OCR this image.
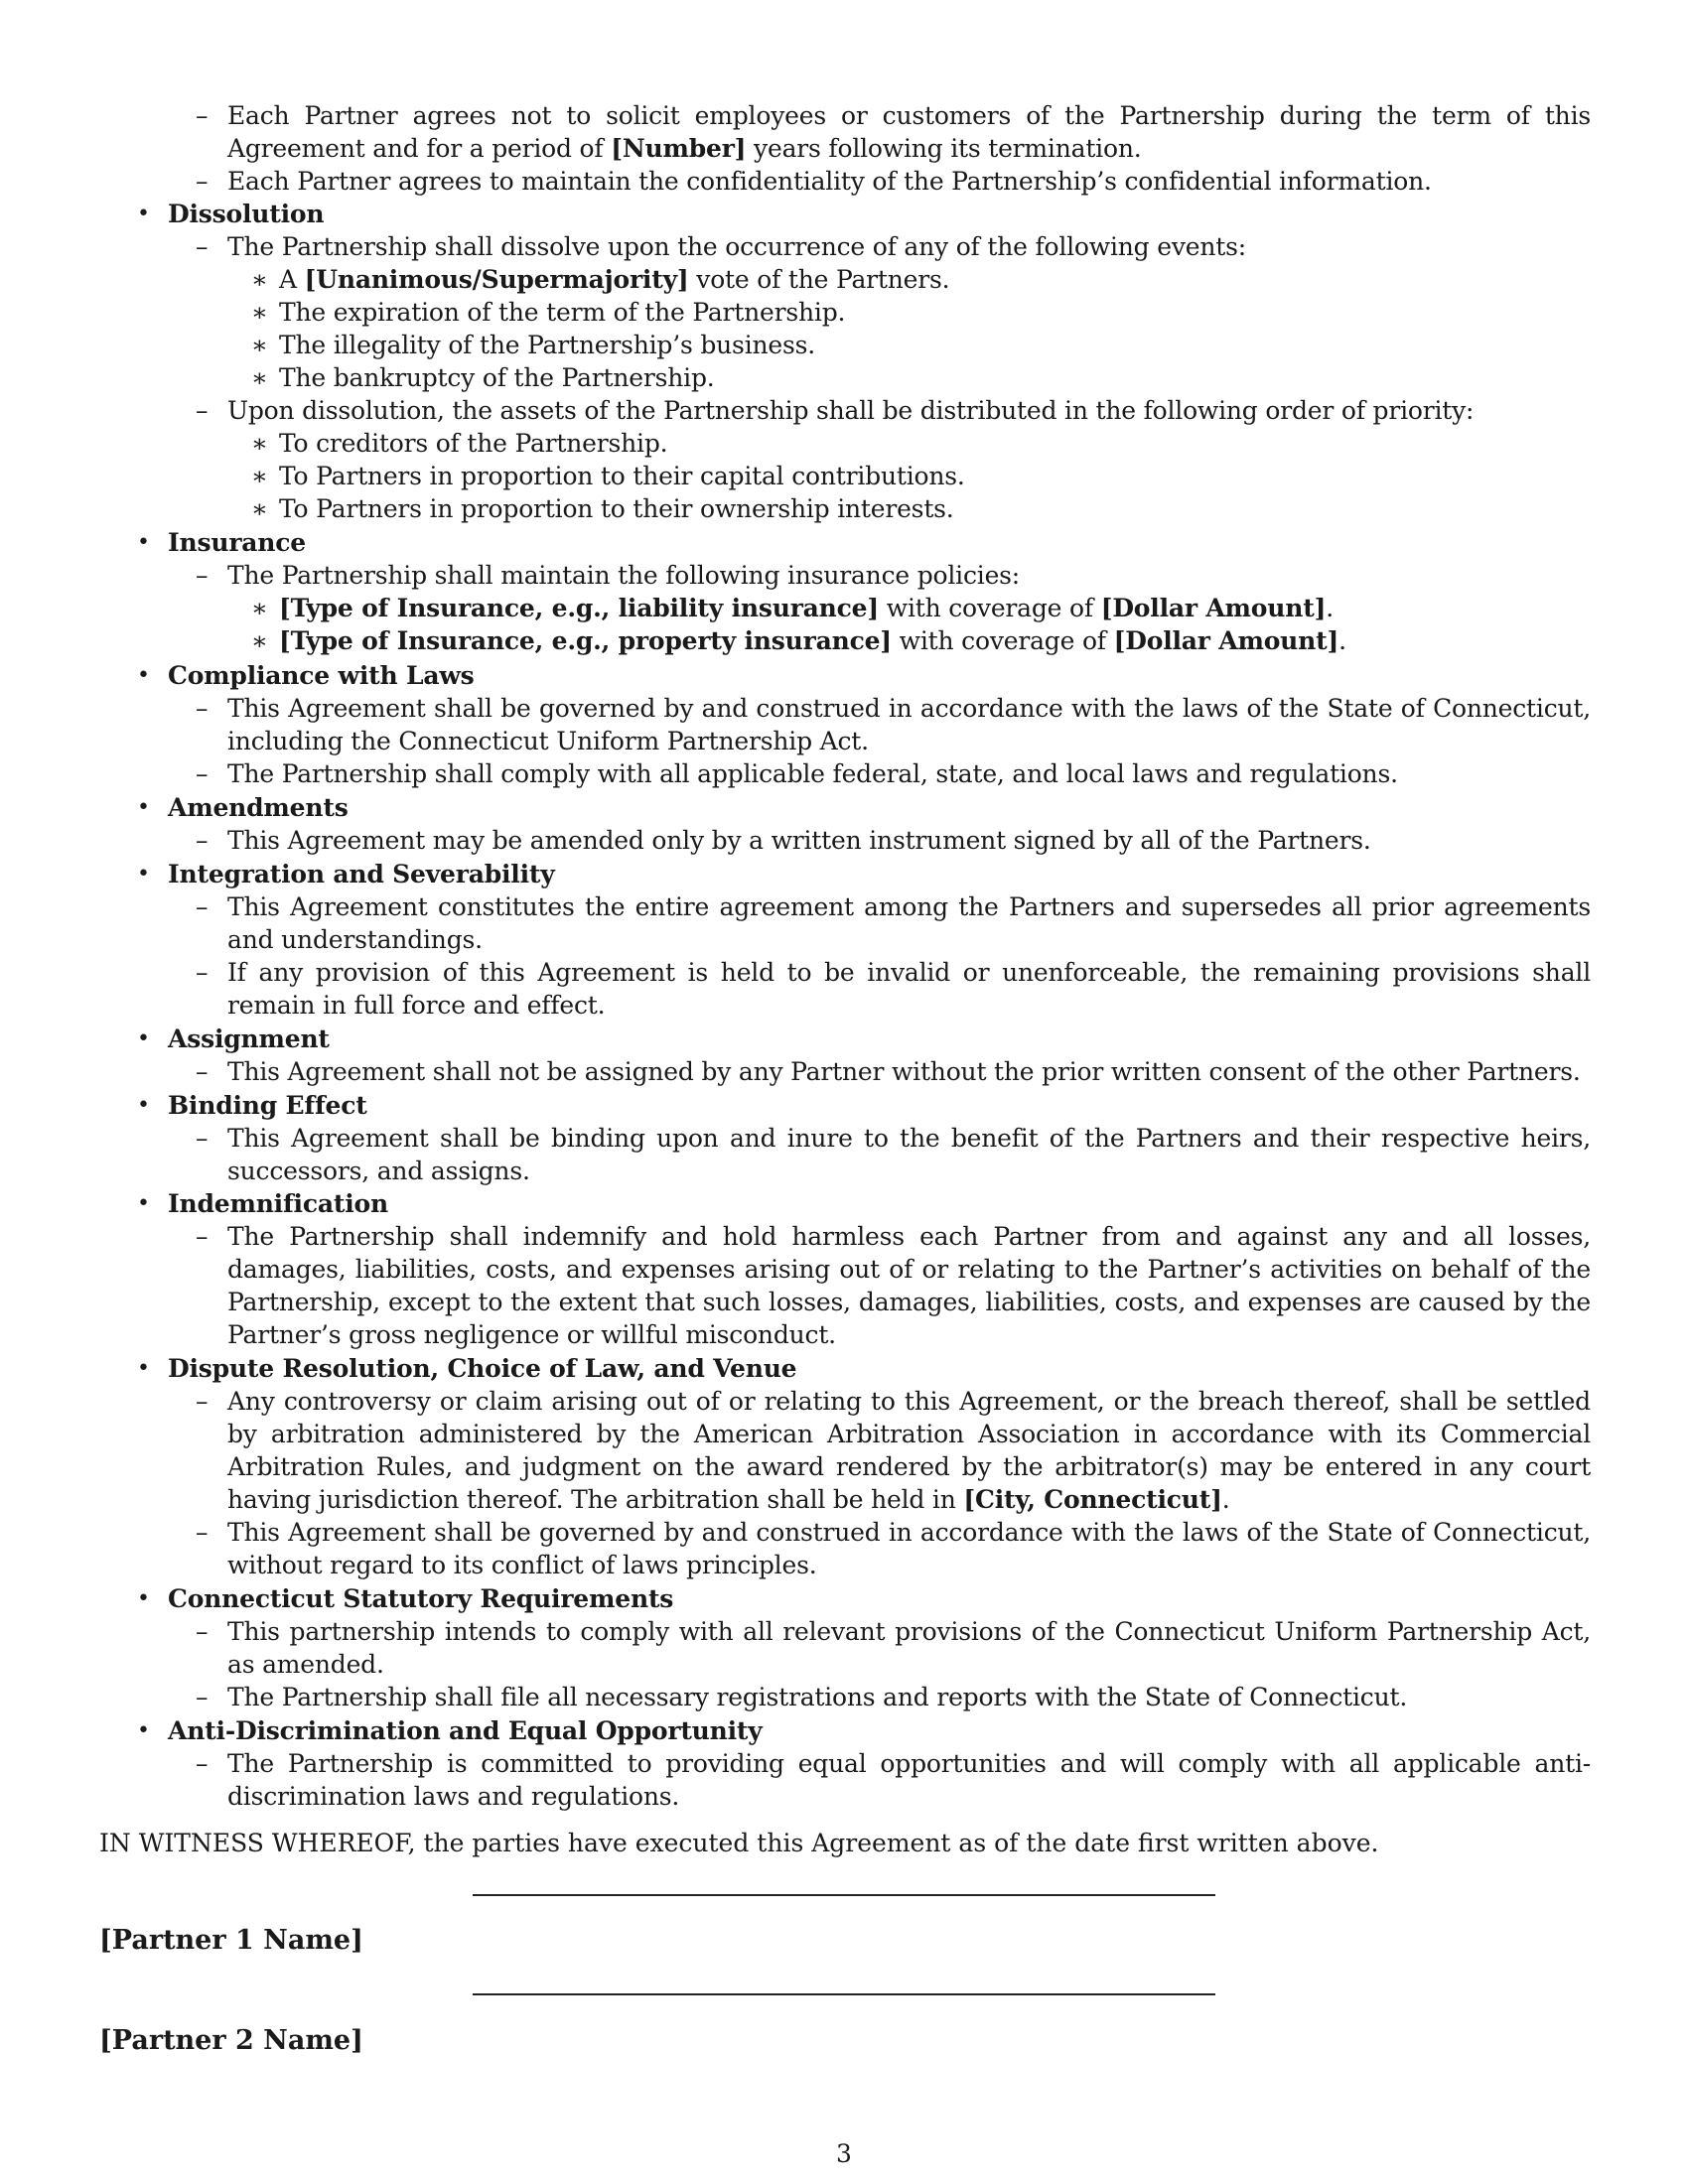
– Each Partner agrees not to solicit employees or customers of the Partnership during the term of this Agreement and for a period of [Number] years following its termination.
– Each Partner agrees to maintain the confidentiality of the Partnership’s confidential information.
• Dissolution
– The Partnership shall dissolve upon the occurrence of any of the following events:
∗ A [Unanimous/Supermajority] vote of the Partners.
∗ The expiration of the term of the Partnership.
∗ The illegality of the Partnership’s business.
∗ The bankruptcy of the Partnership.
– Upon dissolution, the assets of the Partnership shall be distributed in the following order of priority:
∗ To creditors of the Partnership.
∗ To Partners in proportion to their capital contributions.
∗ To Partners in proportion to their ownership interests.
• Insurance
– The Partnership shall maintain the following insurance policies:
∗ [Type of Insurance, e.g., liability insurance] with coverage of [Dollar Amount].
∗ [Type of Insurance, e.g., property insurance] with coverage of [Dollar Amount].
• Compliance with Laws
– This Agreement shall be governed by and construed in accordance with the laws of the State of Connecticut, including the Connecticut Uniform Partnership Act.
– The Partnership shall comply with all applicable federal, state, and local laws and regulations.
• Amendments
– This Agreement may be amended only by a written instrument signed by all of the Partners.
• Integration and Severability
– This Agreement constitutes the entire agreement among the Partners and supersedes all prior agreements and understandings.
– If any provision of this Agreement is held to be invalid or unenforceable, the remaining provisions shall remain in full force and effect.
• Assignment
– This Agreement shall not be assigned by any Partner without the prior written consent of the other Partners.
• Binding Effect
– This Agreement shall be binding upon and inure to the benefit of the Partners and their respective heirs, successors, and assigns.
• Indemnification
– The Partnership shall indemnify and hold harmless each Partner from and against any and all losses, damages, liabilities, costs, and expenses arising out of or relating to the Partner’s activities on behalf of the Partnership, except to the extent that such losses, damages, liabilities, costs, and expenses are caused by the Partner’s gross negligence or willful misconduct.
• Dispute Resolution, Choice of Law, and Venue
– Any controversy or claim arising out of or relating to this Agreement, or the breach thereof, shall be settled by arbitration administered by the American Arbitration Association in accordance with its Commercial Arbitration Rules, and judgment on the award rendered by the arbitrator(s) may be entered in any court having jurisdiction thereof. The arbitration shall be held in [City, Connecticut].
– This Agreement shall be governed by and construed in accordance with the laws of the State of Connecticut, without regard to its conflict of laws principles.
• Connecticut Statutory Requirements
– This partnership intends to comply with all relevant provisions of the Connecticut Uniform Partnership Act, as amended.
– The Partnership shall file all necessary registrations and reports with the State of Connecticut.
• Anti-Discrimination and Equal Opportunity
– The Partnership is committed to providing equal opportunities and will comply with all applicable anti-discrimination laws and regulations.
IN WITNESS WHEREOF, the parties have executed this Agreement as of the date first written above.
[Partner 1 Name]
[Partner 2 Name]
3
